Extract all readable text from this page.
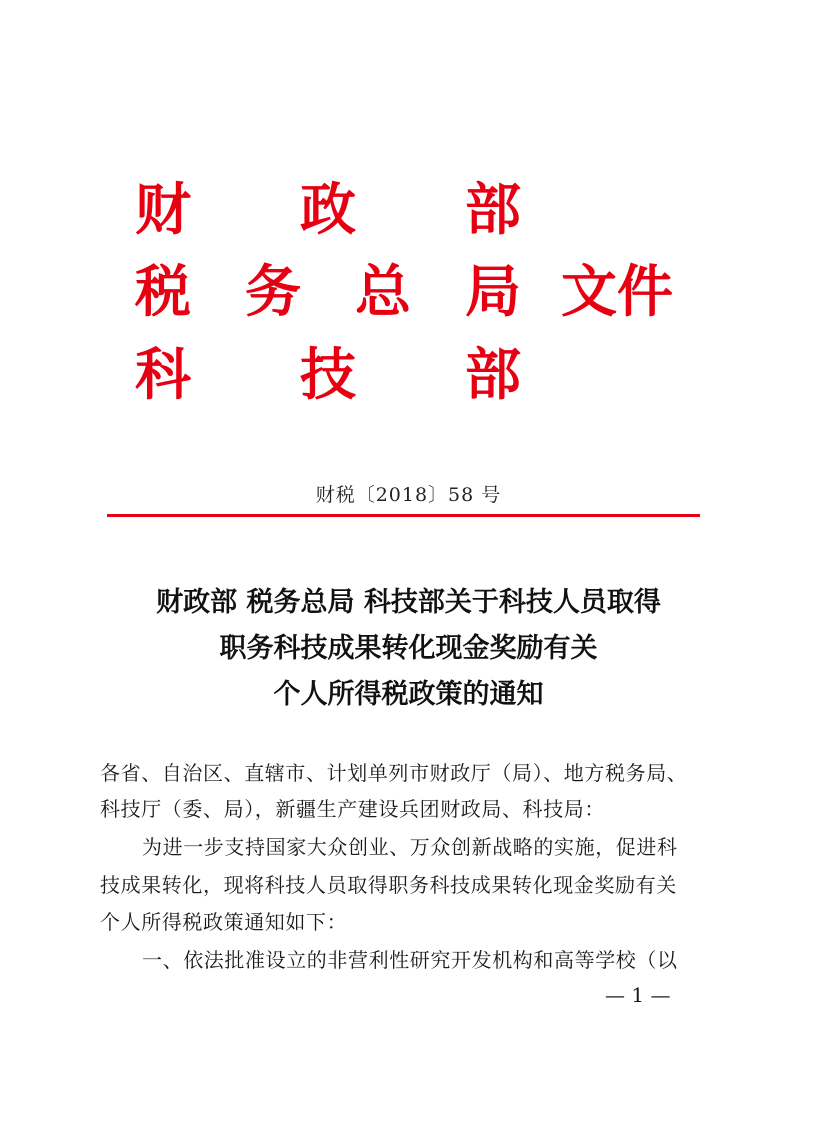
财 政 部
税 务 总 局 文件
科 技 部
财税〔2018〕58 号
财政部 税务总局 科技部关于科技人员取得
职务科技成果转化现金奖励有关
个人所得税政策的通知
各省、自治区、直辖市、计划单列市财政厅（局）、地方税务局、
科技厅（委、局），新疆生产建设兵团财政局、科技局：
为进一步支持国家大众创业、万众创新战略的实施，促进科
技成果转化，现将科技人员取得职务科技成果转化现金奖励有关
个人所得税政策通知如下：
一、依法批准设立的非营利性研究开发机构和高等学校（以
— 1 —
